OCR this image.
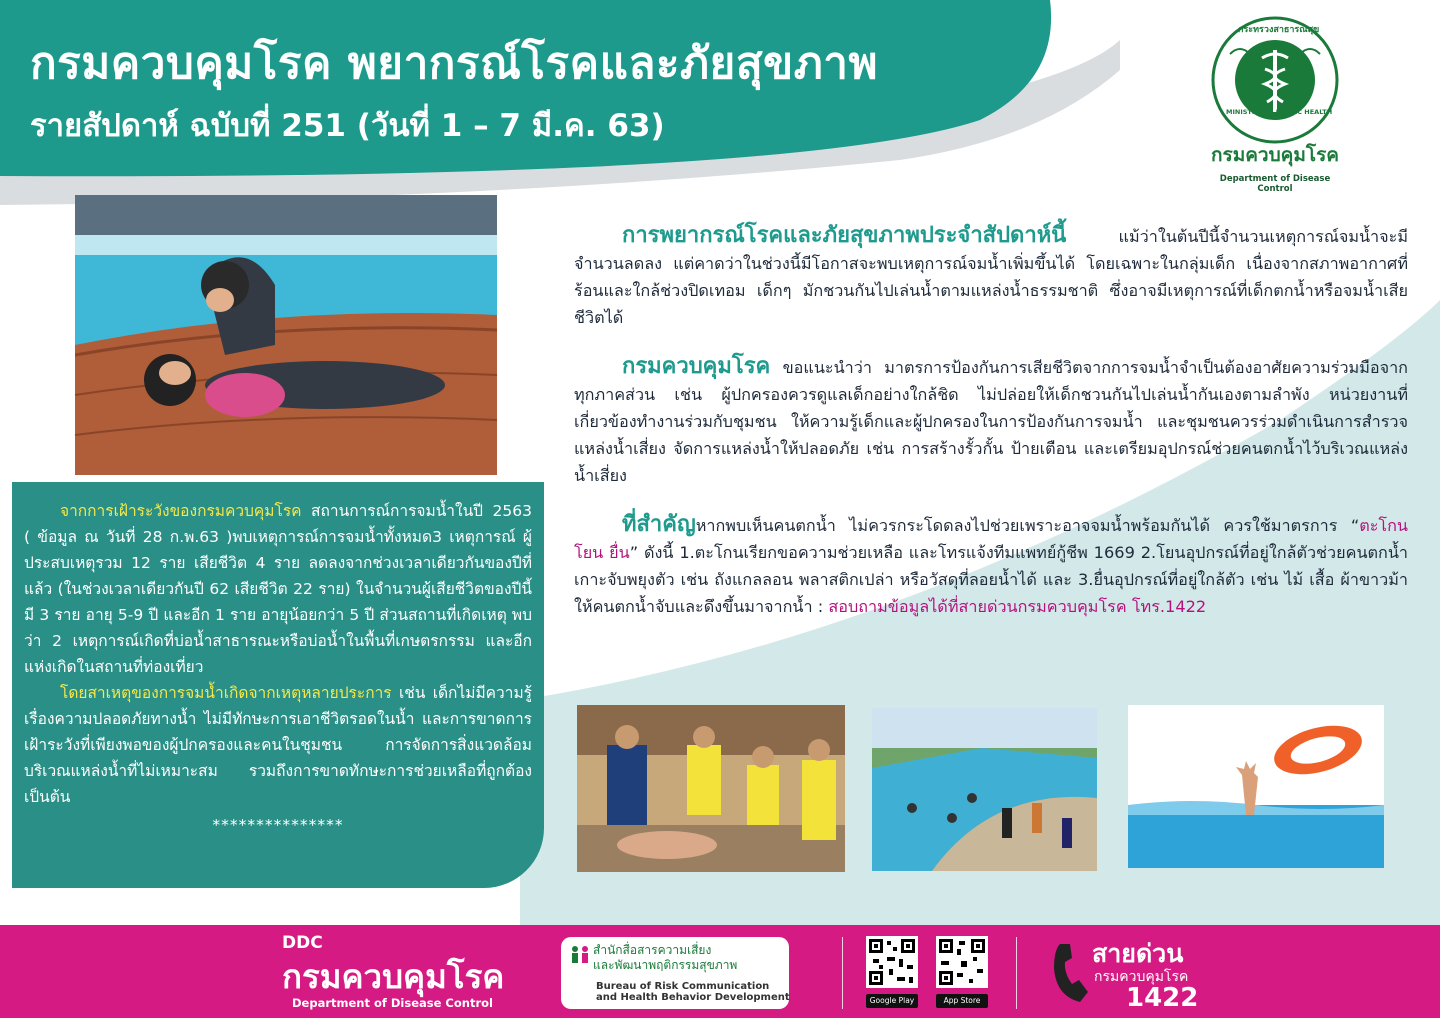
กรมควบคุมโรค พยากรณ์โรคและภัยสุขภาพ
รายสัปดาห์ ฉบับที่ 251 (วันที่ 1 – 7 มี.ค. 63)
กระทรวงสาธารณสุข
MINISTRY OF PUBLIC HEALTH
กรมควบคุมโรค
Department of Disease Control

จากการเฝ้าระวังของกรมควบคุมโรค สถานการณ์การจมน้ำในปี 2563 ( ข้อมูล ณ วันที่ 28 ก.พ.63 )พบเหตุการณ์การจมน้ำทั้งหมด3 เหตุการณ์ ผู้ประสบเหตุรวม 12 ราย เสียชีวิต 4 ราย ลดลงจากช่วงเวลาเดียวกันของปีที่แล้ว (ในช่วงเวลาเดียวกันปี 62 เสียชีวิต 22 ราย) ในจำนวนผู้เสียชีวิตของปีนี้มี 3 ราย อายุ 5-9 ปี และอีก 1 ราย อายุน้อยกว่า 5 ปี ส่วนสถานที่เกิดเหตุ พบว่า 2 เหตุการณ์เกิดที่บ่อน้ำสาธารณะหรือบ่อน้ำในพื้นที่เกษตรกรรม และอีกแห่งเกิดในสถานที่ท่องเที่ยว

โดยสาเหตุของการจมน้ำเกิดจากเหตุหลายประการ เช่น เด็กไม่มีความรู้เรื่องความปลอดภัยทางน้ำ ไม่มีทักษะการเอาชีวิตรอดในน้ำ และการขาดการเฝ้าระวังที่เพียงพอของผู้ปกครองและคนในชุมชน การจัดการสิ่งแวดล้อมบริเวณแหล่งน้ำที่ไม่เหมาะสม รวมถึงการขาดทักษะการช่วยเหลือที่ถูกต้อง เป็นต้น

***************

การพยากรณ์โรคและภัยสุขภาพประจำสัปดาห์นี้ แม้ว่าในต้นปีนี้จำนวนเหตุการณ์จมน้ำจะมีจำนวนลดลง แต่คาดว่าในช่วงนี้มีโอกาสจะพบเหตุการณ์จมน้ำเพิ่มขึ้นได้ โดยเฉพาะในกลุ่มเด็ก เนื่องจากสภาพอากาศที่ร้อนและใกล้ช่วงปิดเทอม เด็กๆ มักชวนกันไปเล่นน้ำตามแหล่งน้ำธรรมชาติ ซึ่งอาจมีเหตุการณ์ที่เด็กตกน้ำหรือจมน้ำเสียชีวิตได้

กรมควบคุมโรค ขอแนะนำว่า มาตรการป้องกันการเสียชีวิตจากการจมน้ำจำเป็นต้องอาศัยความร่วมมือจากทุกภาคส่วน เช่น ผู้ปกครองควรดูแลเด็กอย่างใกล้ชิด ไม่ปล่อยให้เด็กชวนกันไปเล่นน้ำกันเองตามลำพัง หน่วยงานที่เกี่ยวข้องทำงานร่วมกับชุมชน ให้ความรู้เด็กและผู้ปกครองในการป้องกันการจมน้ำ และชุมชนควรร่วมดำเนินการสำรวจแหล่งน้ำเสี่ยง จัดการแหล่งน้ำให้ปลอดภัย เช่น การสร้างรั้วกั้น ป้ายเตือน และเตรียมอุปกรณ์ช่วยคนตกน้ำไว้บริเวณแหล่งน้ำเสี่ยง

ที่สำคัญหากพบเห็นคนตกน้ำ ไม่ควรกระโดดลงไปช่วยเพราะอาจจมน้ำพร้อมกันได้ ควรใช้มาตรการ “ตะโกน โยน ยื่น” ดังนี้ 1.ตะโกนเรียกขอความช่วยเหลือ และโทรแจ้งทีมแพทย์กู้ชีพ 1669 2.โยนอุปกรณ์ที่อยู่ใกล้ตัวช่วยคนตกน้ำเกาะจับพยุงตัว เช่น ถังแกลลอน พลาสติกเปล่า หรือวัสดุที่ลอยน้ำได้ และ 3.ยื่นอุปกรณ์ที่อยู่ใกล้ตัว เช่น ไม้ เสื้อ ผ้าขาวม้า ให้คนตกน้ำจับและดึงขึ้นมาจากน้ำ : สอบถามข้อมูลได้ที่สายด่วนกรมควบคุมโรค โทร.1422

DDC
กรมควบคุมโรค
Department of Disease Control
สำนักสื่อสารความเสี่ยง
และพัฒนาพฤติกรรมสุขภาพ
Bureau of Risk Communication
and Health Behavior Development	Google Play	App Store
สายด่วน
กรมควบคุมโรค
1422
